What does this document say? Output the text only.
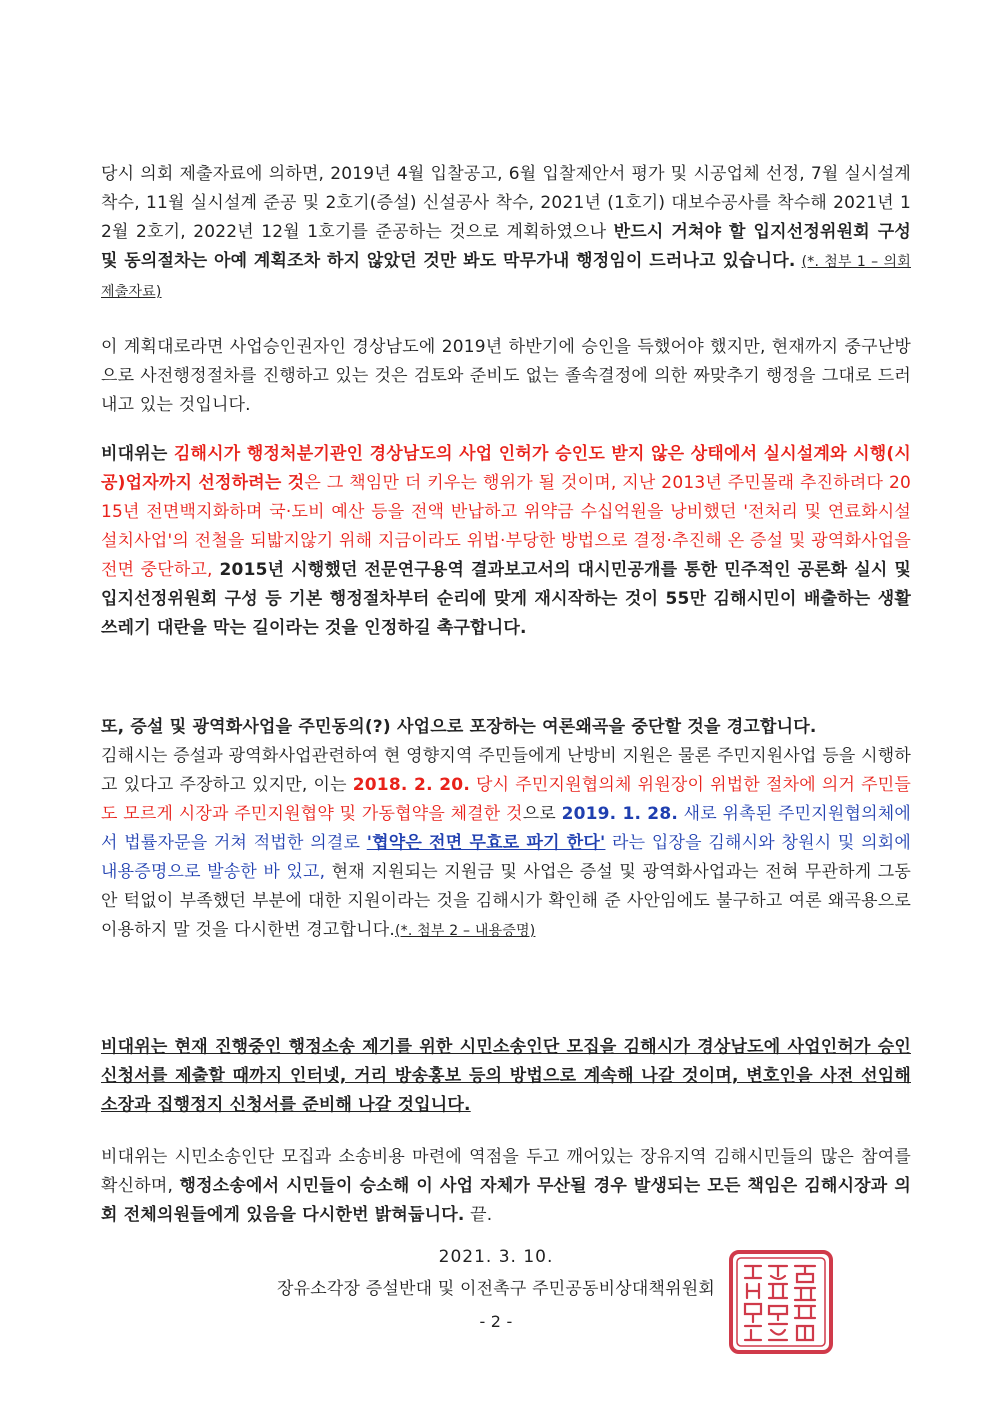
당시 의회 제출자료에 의하면, 2019년 4월 입찰공고, 6월 입찰제안서 평가 및 시공업체 선정, 7월 실시설계 착수, 11월 실시설계 준공 및 2호기(증설) 신설공사 착수, 2021년 (1호기) 대보수공사를 착수해 2021년 12월 2호기, 2022년 12월 1호기를 준공하는 것으로 계획하였으나 반드시 거쳐야 할 입지선정위원회 구성 및 동의절차는 아예 계획조차 하지 않았던 것만 봐도 막무가내 행정임이 드러나고 있습니다. (*. 첨부 1 – 의회 제출자료)

이 계획대로라면 사업승인권자인 경상남도에 2019년 하반기에 승인을 득했어야 했지만, 현재까지 중구난방으로 사전행정절차를 진행하고 있는 것은 검토와 준비도 없는 졸속결정에 의한 짜맞추기 행정을 그대로 드러내고 있는 것입니다.

비대위는 김해시가 행정처분기관인 경상남도의 사업 인허가 승인도 받지 않은 상태에서 실시설계와 시행(시공)업자까지 선정하려는 것은 그 책임만 더 키우는 행위가 될 것이며, 지난 2013년 주민몰래 추진하려다 2015년 전면백지화하며 국·도비 예산 등을 전액 반납하고 위약금 수십억원을 낭비했던 '전처리 및 연료화시설 설치사업'의 전철을 되밟지않기 위해 지금이라도 위법·부당한 방법으로 결정·추진해 온 증설 및 광역화사업을 전면 중단하고, 2015년 시행했던 전문연구용역 결과보고서의 대시민공개를 통한 민주적인 공론화 실시 및 입지선정위원회 구성 등 기본 행정절차부터 순리에 맞게 재시작하는 것이 55만 김해시민이 배출하는 생활쓰레기 대란을 막는 길이라는 것을 인정하길 촉구합니다.

또, 증설 및 광역화사업을 주민동의(?) 사업으로 포장하는 여론왜곡을 중단할 것을 경고합니다.
김해시는 증설과 광역화사업관련하여 현 영향지역 주민들에게 난방비 지원은 물론 주민지원사업 등을 시행하고 있다고 주장하고 있지만, 이는 2018. 2. 20. 당시 주민지원협의체 위원장이 위법한 절차에 의거 주민들도 모르게 시장과 주민지원협약 및 가동협약을 체결한 것으로 2019. 1. 28. 새로 위촉된 주민지원협의체에서 법률자문을 거쳐 적법한 의결로 '협약은 전면 무효로 파기 한다' 라는 입장을 김해시와 창원시 및 의회에 내용증명으로 발송한 바 있고, 현재 지원되는 지원금 및 사업은 증설 및 광역화사업과는 전혀 무관하게 그동안 턱없이 부족했던 부분에 대한 지원이라는 것을 김해시가 확인해 준 사안임에도 불구하고 여론 왜곡용으로 이용하지 말 것을 다시한번 경고합니다.(*. 첨부 2 – 내용증명)

비대위는 현재 진행중인 행정소송 제기를 위한 시민소송인단 모집을 김해시가 경상남도에 사업인허가 승인신청서를 제출할 때까지 인터넷, 거리 방송홍보 등의 방법으로 계속해 나갈 것이며, 변호인을 사전 선임해 소장과 집행정지 신청서를 준비해 나갈 것입니다.

비대위는 시민소송인단 모집과 소송비용 마련에 역점을 두고 깨어있는 장유지역 김해시민들의 많은 참여를 확신하며, 행정소송에서 시민들이 승소해 이 사업 자체가 무산될 경우 발생되는 모든 책임은 김해시장과 의회 전체의원들에게 있음을 다시한번 밝혀둡니다. 끝.

2021. 3. 10.
장유소각장 증설반대 및 이전촉구 주민공동비상대책위원회
- 2 -
